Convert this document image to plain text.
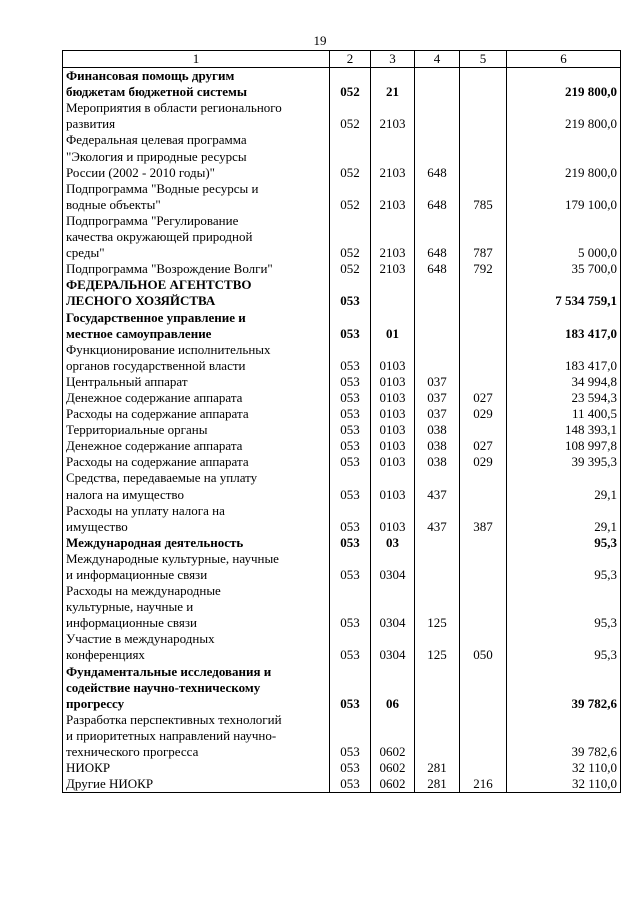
19
1	2	3	4	5	6

Финансовая помощь другим
бюджетам бюджетной системы	052	21			219 800,0

Мероприятия в области регионального
развития	052	2103			219 800,0

Федеральная целевая программа
"Экология и природные ресурсы
России (2002 - 2010 годы)"	052	2103	648		219 800,0

Подпрограмма "Водные ресурсы и
водные объекты"	052	2103	648	785	179 100,0

Подпрограмма "Регулирование
качества окружающей природной
среды"	052	2103	648	787	5 000,0

Подпрограмма "Возрождение Волги"	052	2103	648	792	35 700,0

ФЕДЕРАЛЬНОЕ АГЕНТСТВО
ЛЕСНОГО ХОЗЯЙСТВА	053				7 534 759,1

Государственное управление и
местное самоуправление	053	01			183 417,0

Функционирование исполнительных
органов государственной власти	053	0103			183 417,0

Центральный аппарат	053	0103	037		34 994,8

Денежное содержание аппарата	053	0103	037	027	23 594,3

Расходы на содержание аппарата	053	0103	037	029	11 400,5

Территориальные органы	053	0103	038		148 393,1

Денежное содержание аппарата	053	0103	038	027	108 997,8

Расходы на содержание аппарата	053	0103	038	029	39 395,3

Средства, передаваемые на уплату
налога на имущество	053	0103	437		29,1

Расходы на уплату налога на
имущество	053	0103	437	387	29,1

Международная деятельность	053	03			95,3

Международные культурные, научные
и информационные связи	053	0304			95,3

Расходы на международные
культурные, научные и
информационные связи	053	0304	125		95,3

Участие в международных
конференциях	053	0304	125	050	95,3

Фундаментальные исследования и
содействие научно-техническому
прогрессу	053	06			39 782,6

Разработка перспективных технологий
и приоритетных направлений научно-
технического прогресса	053	0602			39 782,6

НИОКР	053	0602	281		32 110,0

Другие НИОКР	053	0602	281	216	32 110,0
